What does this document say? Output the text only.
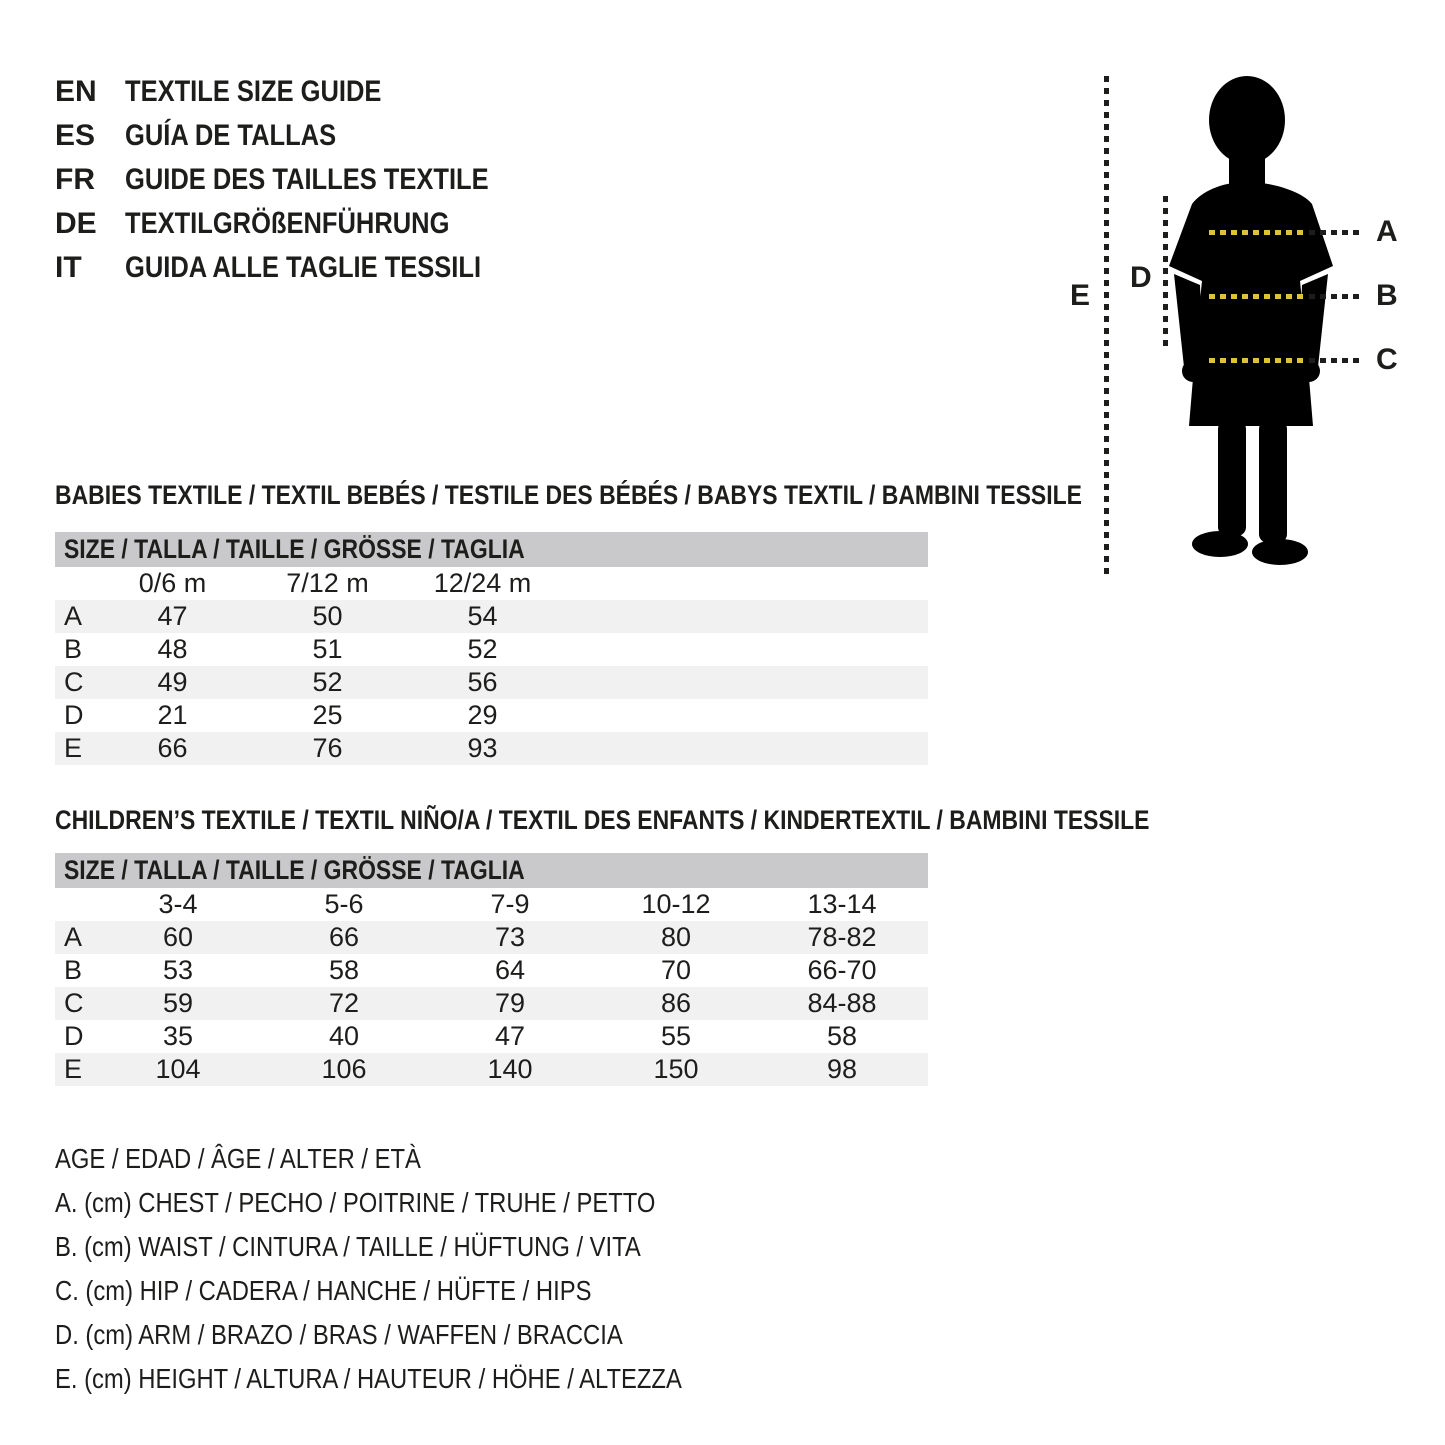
EN TEXTILE SIZE GUIDE
ES GUÍA DE TALLAS
FR	GUIDE DES TAILLES TEXTILE
DE TEXTILGRÖßENFÜHRUNG
IT	GUIDA ALLE TAGLIE TESSILI
E
D
A
B
C
BABIES TEXTILE / TEXTIL BEBÉS / TESTILE DES BÉBÉS / BABYS TEXTIL / BAMBINI TESSILE
SIZE / TALLA / TAILLE / GRÖSSE / TAGLIA
0/6 m	7/12 m	12/24 m
A	47	50	54
B	48	51	52
C	49	52	56
D	21	25	29
E	66	76	93
CHILDREN’S TEXTILE / TEXTIL NIÑO/A / TEXTIL DES ENFANTS / KINDERTEXTIL / BAMBINI TESSILE
SIZE / TALLA / TAILLE / GRÖSSE / TAGLIA
3-4	5-6	7-9	10-12	13-14
A	60	66	73	80	78-82
B	53	58	64	70	66-70
C	59	72	79	86	84-88
D	35	40	47	55	58
E	104	106	140	150	98
AGE / EDAD / ÂGE / ALTER / ETÀ
A. (cm) CHEST / PECHO / POITRINE / TRUHE / PETTO
B. (cm) WAIST / CINTURA / TAILLE / HÜFTUNG / VITA
C. (cm) HIP / CADERA / HANCHE / HÜFTE / HIPS
D. (cm) ARM / BRAZO / BRAS / WAFFEN / BRACCIA
E. (cm) HEIGHT / ALTURA / HAUTEUR / HÖHE / ALTEZZA
